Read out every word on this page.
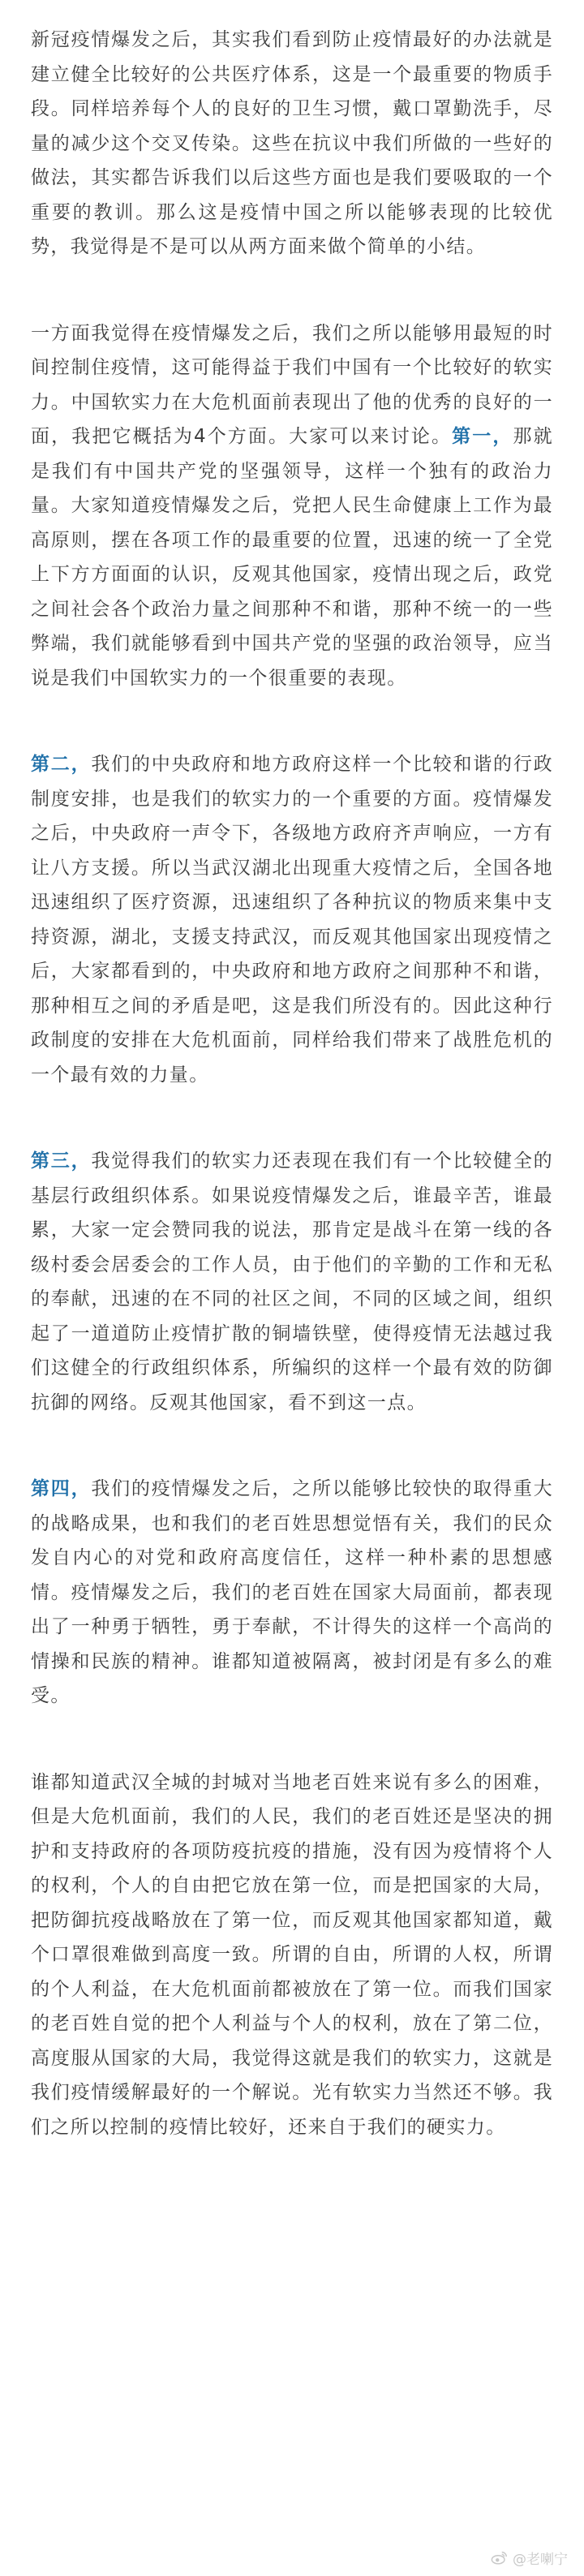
新冠疫情爆发之后，其实我们看到防止疫情最好的办法就是建立健全比较好的公共医疗体系，这是一个最重要的物质手段。同样培养每个人的良好的卫生习惯，戴口罩勤洗手，尽量的减少这个交叉传染。这些在抗议中我们所做的一些好的做法，其实都告诉我们以后这些方面也是我们要吸取的一个重要的教训。那么这是疫情中国之所以能够表现的比较优势，我觉得是不是可以从两方面来做个简单的小结。

一方面我觉得在疫情爆发之后，我们之所以能够用最短的时间控制住疫情，这可能得益于我们中国有一个比较好的软实力。中国软实力在大危机面前表现出了他的优秀的良好的一面，我把它概括为4个方面。大家可以来讨论。第一，那就是我们有中国共产党的坚强领导，这样一个独有的政治力量。大家知道疫情爆发之后，党把人民生命健康上工作为最高原则，摆在各项工作的最重要的位置，迅速的统一了全党上下方方面面的认识，反观其他国家，疫情出现之后，政党之间社会各个政治力量之间那种不和谐，那种不统一的一些弊端，我们就能够看到中国共产党的坚强的政治领导，应当说是我们中国软实力的一个很重要的表现。

第二，我们的中央政府和地方政府这样一个比较和谐的行政制度安排，也是我们的软实力的一个重要的方面。疫情爆发之后，中央政府一声令下，各级地方政府齐声响应，一方有让八方支援。所以当武汉湖北出现重大疫情之后，全国各地迅速组织了医疗资源，迅速组织了各种抗议的物质来集中支持资源，湖北，支援支持武汉，而反观其他国家出现疫情之后，大家都看到的，中央政府和地方政府之间那种不和谐，那种相互之间的矛盾是吧，这是我们所没有的。因此这种行政制度的安排在大危机面前，同样给我们带来了战胜危机的一个最有效的力量。

第三，我觉得我们的软实力还表现在我们有一个比较健全的基层行政组织体系。如果说疫情爆发之后，谁最辛苦，谁最累，大家一定会赞同我的说法，那肯定是战斗在第一线的各级村委会居委会的工作人员，由于他们的辛勤的工作和无私的奉献，迅速的在不同的社区之间，不同的区域之间，组织起了一道道防止疫情扩散的铜墙铁壁，使得疫情无法越过我们这健全的行政组织体系，所编织的这样一个最有效的防御抗御的网络。反观其他国家，看不到这一点。

第四，我们的疫情爆发之后，之所以能够比较快的取得重大的战略成果，也和我们的老百姓思想觉悟有关，我们的民众发自内心的对党和政府高度信任，这样一种朴素的思想感情。疫情爆发之后，我们的老百姓在国家大局面前，都表现出了一种勇于牺牲，勇于奉献，不计得失的这样一个高尚的情操和民族的精神。谁都知道被隔离，被封闭是有多么的难受。

谁都知道武汉全城的封城对当地老百姓来说有多么的困难，但是大危机面前，我们的人民，我们的老百姓还是坚决的拥护和支持政府的各项防疫抗疫的措施，没有因为疫情将个人的权利，个人的自由把它放在第一位，而是把国家的大局，把防御抗疫战略放在了第一位，而反观其他国家都知道，戴个口罩很难做到高度一致。所谓的自由，所谓的人权，所谓的个人利益，在大危机面前都被放在了第一位。而我们国家的老百姓自觉的把个人利益与个人的权利，放在了第二位，高度服从国家的大局，我觉得这就是我们的软实力，这就是我们疫情缓解最好的一个解说。光有软实力当然还不够。我们之所以控制的疫情比较好，还来自于我们的硬实力。

@老喇宁
